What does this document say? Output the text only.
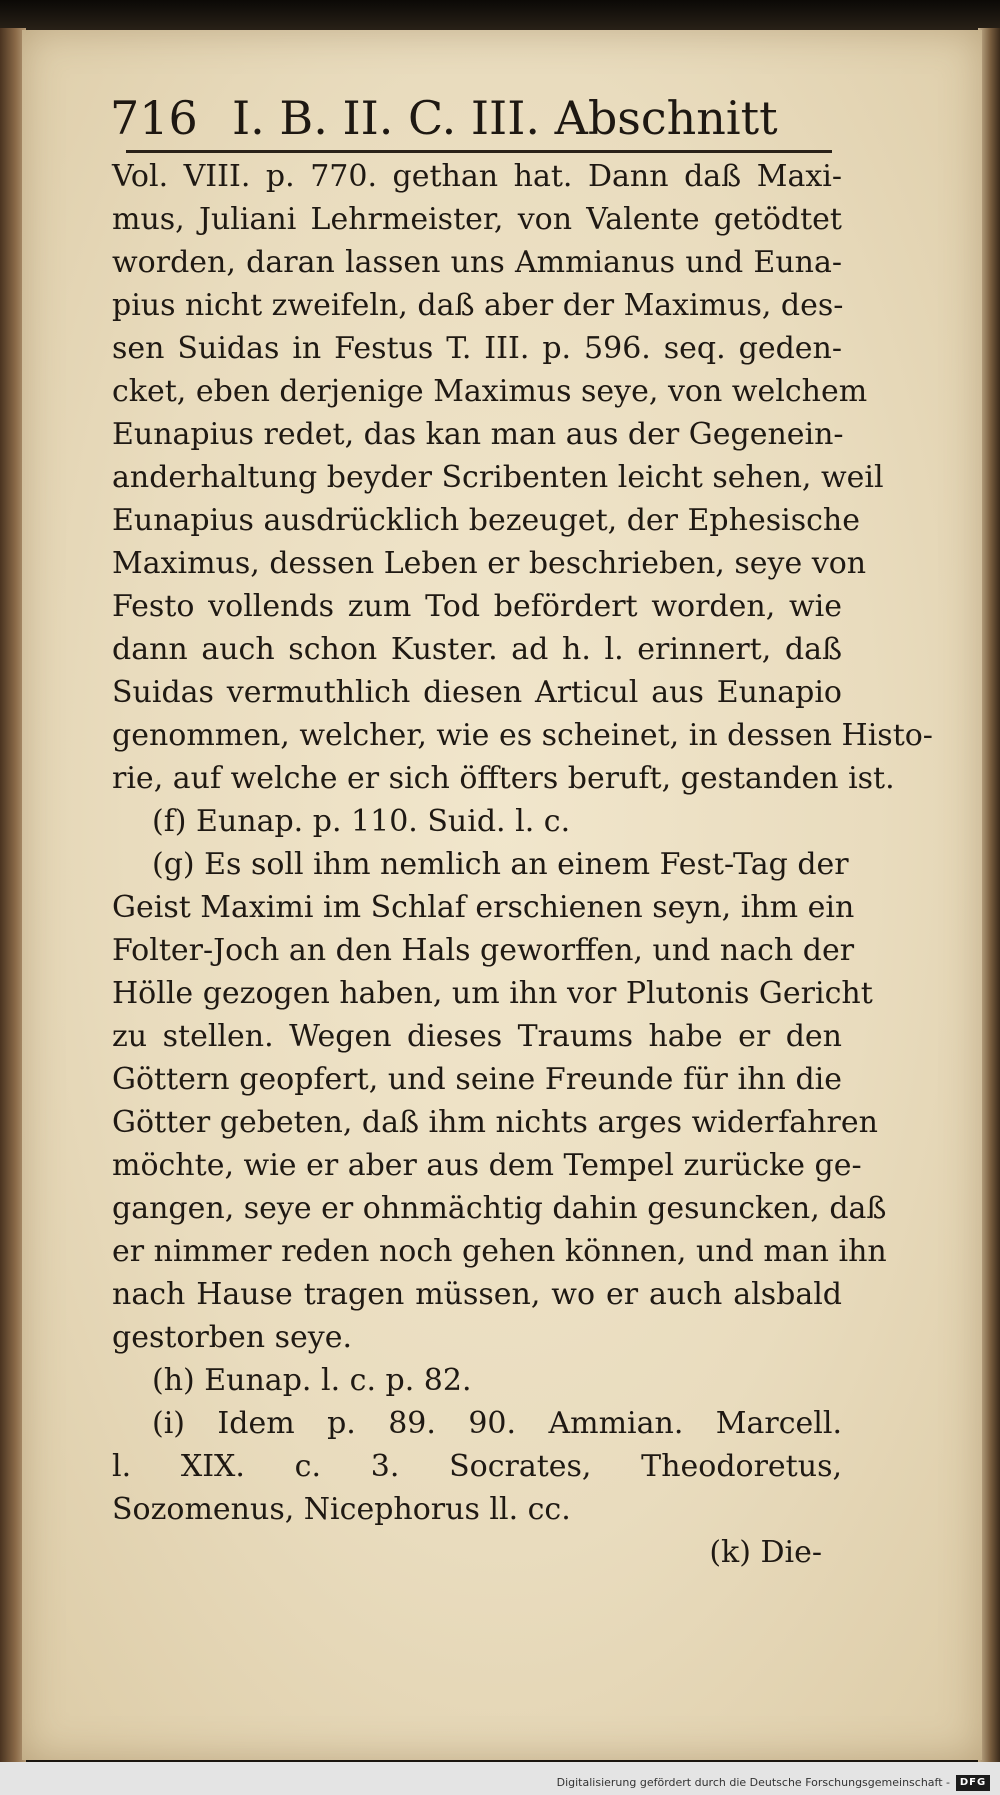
716 I. B. II. C. III. Abschnitt
Vol. VIII. p. 770. gethan hat. Dann daß Maxi-
mus, Juliani Lehrmeister, von Valente getödtet
worden, daran lassen uns Ammianus und Euna-
pius nicht zweifeln, daß aber der Maximus, des-
sen Suidas in Festus T. III. p. 596. seq. geden-
cket, eben derjenige Maximus seye, von welchem
Eunapius redet, das kan man aus der Gegenein-
anderhaltung beyder Scribenten leicht sehen, weil
Eunapius ausdrücklich bezeuget, der Ephesische
Maximus, dessen Leben er beschrieben, seye von
Festo vollends zum Tod befördert worden, wie
dann auch schon Kuster. ad h. l. erinnert, daß
Suidas vermuthlich diesen Articul aus Eunapio
genommen, welcher, wie es scheinet, in dessen Histo-
rie, auf welche er sich öffters beruft, gestanden ist.
(f) Eunap. p. 110. Suid. l. c.
(g) Es soll ihm nemlich an einem Fest-Tag der
Geist Maximi im Schlaf erschienen seyn, ihm ein
Folter-Joch an den Hals geworffen, und nach der
Hölle gezogen haben, um ihn vor Plutonis Gericht
zu stellen. Wegen dieses Traums habe er den
Göttern geopfert, und seine Freunde für ihn die
Götter gebeten, daß ihm nichts arges widerfahren
möchte, wie er aber aus dem Tempel zurücke ge-
gangen, seye er ohnmächtig dahin gesuncken, daß
er nimmer reden noch gehen können, und man ihn
nach Hause tragen müssen, wo er auch alsbald
gestorben seye.
(h) Eunap. l. c. p. 82.
(i) Idem p. 89. 90. Ammian. Marcell.
l. XIX. c. 3. Socrates, Theodoretus,
Sozomenus, Nicephorus ll. cc.
(k) Die-
Digitalisierung gefördert durch die Deutsche Forschungsgemeinschaft - DFG
